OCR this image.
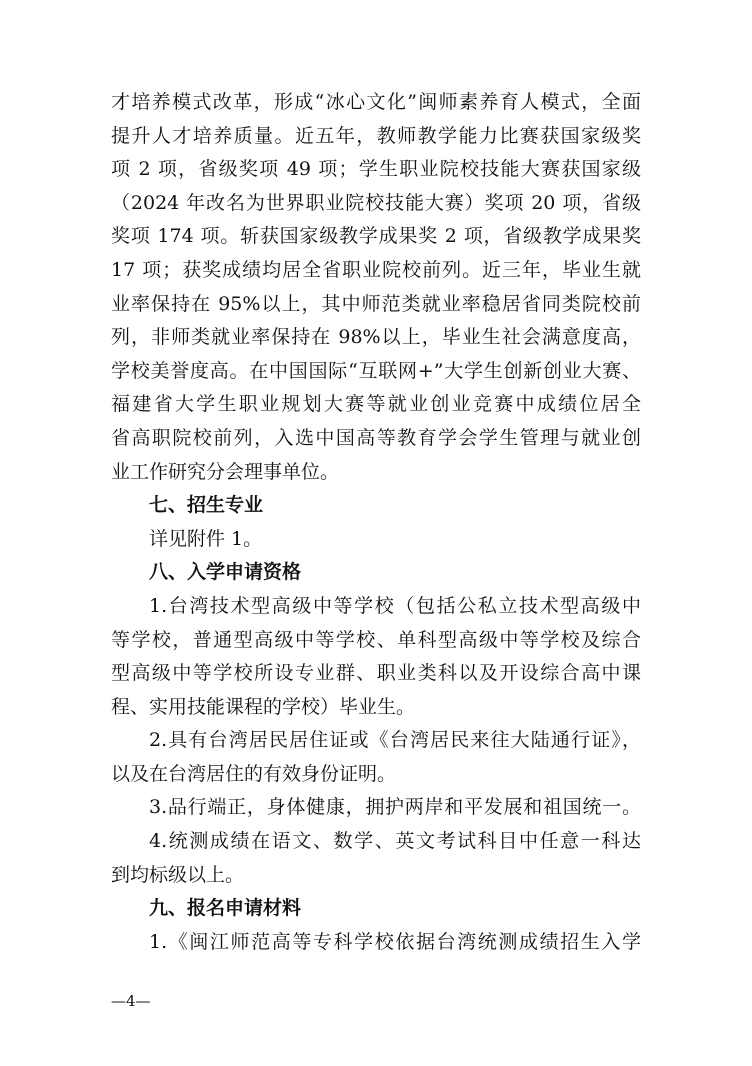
才培养模式改革，形成“冰心文化”闽师素养育人模式，全面
提升人才培养质量。近五年，教师教学能力比赛获国家级奖
项 2 项，省级奖项 49 项；学生职业院校技能大赛获国家级
（2024 年改名为世界职业院校技能大赛）奖项 20 项，省级
奖项 174 项。斩获国家级教学成果奖 2 项，省级教学成果奖
17 项；获奖成绩均居全省职业院校前列。近三年，毕业生就
业率保持在 95%以上，其中师范类就业率稳居省同类院校前
列，非师类就业率保持在 98%以上，毕业生社会满意度高，
学校美誉度高。在中国国际“互联网+”大学生创新创业大赛、
福建省大学生职业规划大赛等就业创业竞赛中成绩位居全
省高职院校前列，入选中国高等教育学会学生管理与就业创
业工作研究分会理事单位。
七、招生专业
详见附件 1。
八、入学申请资格
1.台湾技术型高级中等学校（包括公私立技术型高级中
等学校，普通型高级中等学校、单科型高级中等学校及综合
型高级中等学校所设专业群、职业类科以及开设综合高中课
程、实用技能课程的学校）毕业生。
2.具有台湾居民居住证或《台湾居民来往大陆通行证》，
以及在台湾居住的有效身份证明。
3.品行端正，身体健康，拥护两岸和平发展和祖国统一。
4.统测成绩在语文、数学、英文考试科目中任意一科达
到均标级以上。
九、报名申请材料
1.《闽江师范高等专科学校依据台湾统测成绩招生入学
—4—
